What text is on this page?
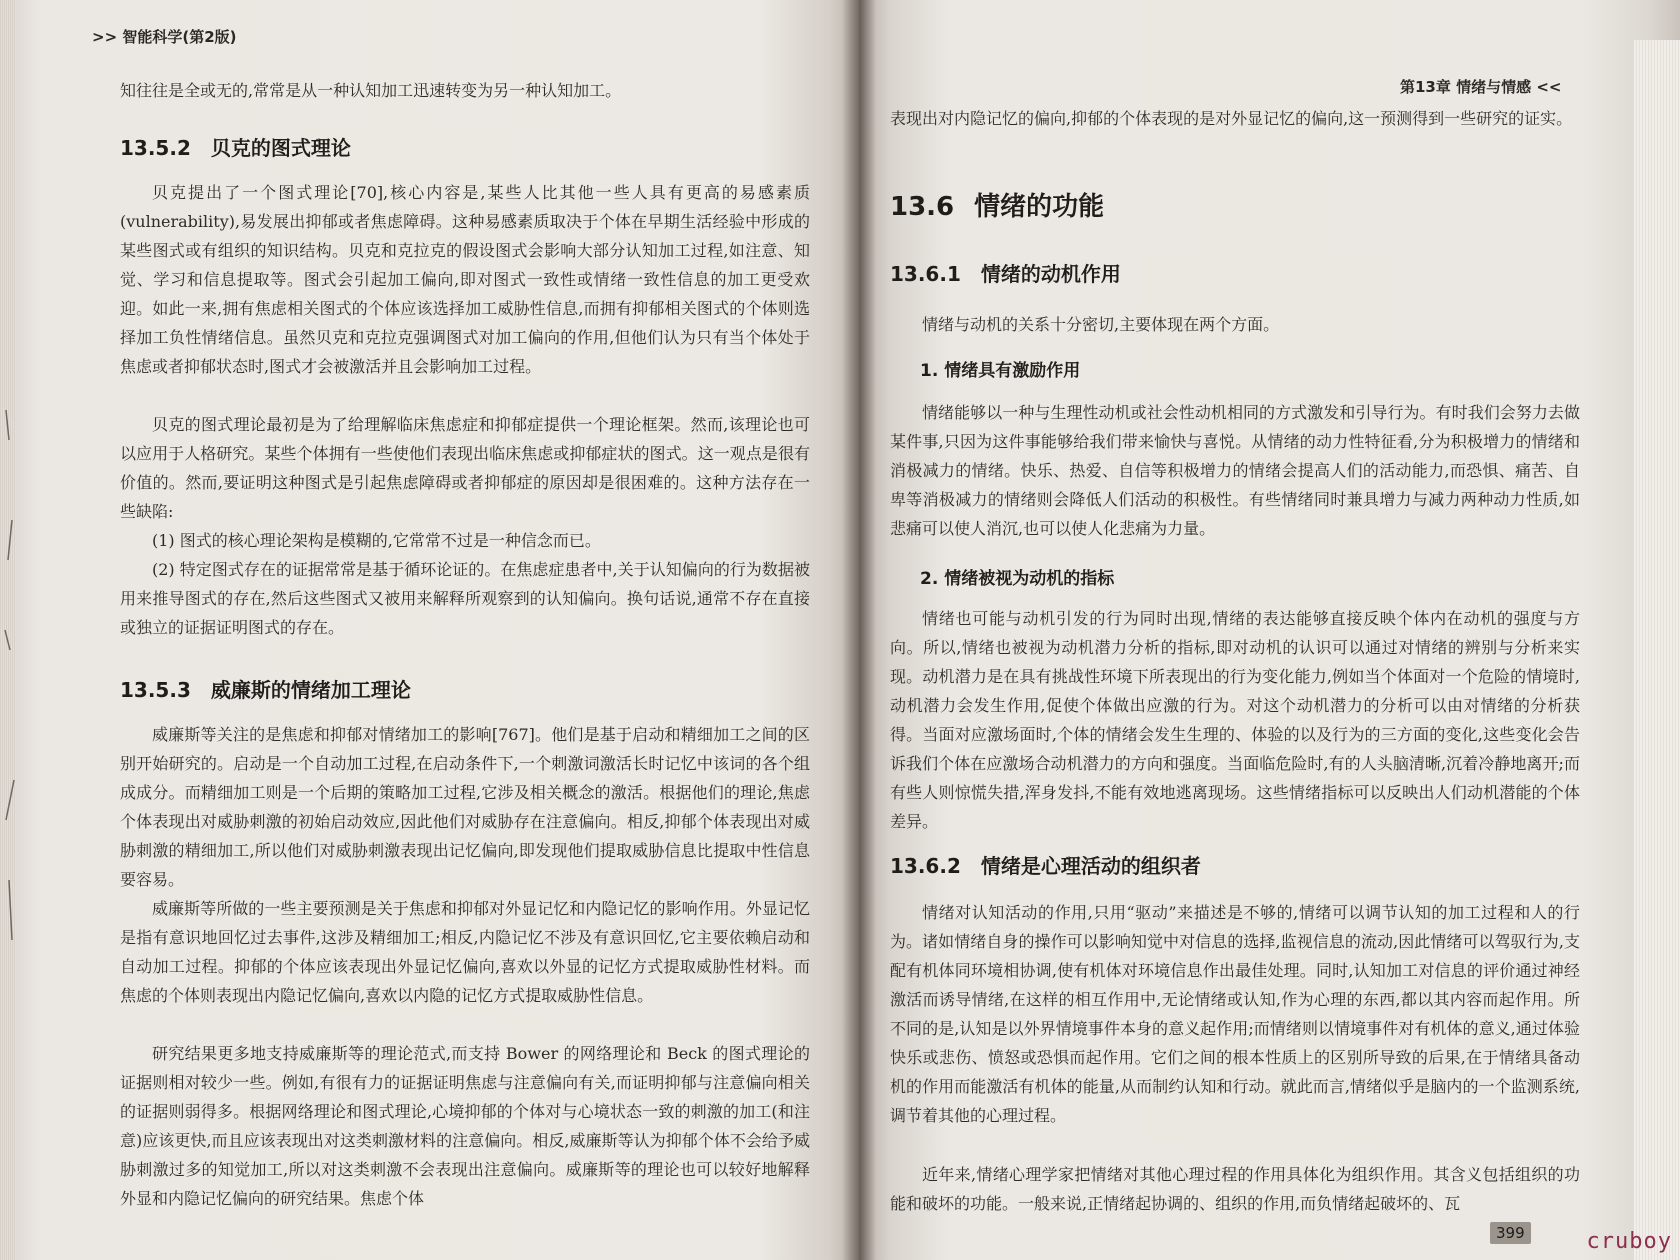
>> 智能科学(第2版)

知往往是全或无的,常常是从一种认知加工迅速转变为另一种认知加工。

13.5.2 贝克的图式理论

贝克提出了一个图式理论[70],核心内容是,某些人比其他一些人具有更高的易感素质(vulnerability),易发展出抑郁或者焦虑障碍。这种易感素质取决于个体在早期生活经验中形成的某些图式或有组织的知识结构。贝克和克拉克的假设图式会影响大部分认知加工过程,如注意、知觉、学习和信息提取等。图式会引起加工偏向,即对图式一致性或情绪一致性信息的加工更受欢迎。如此一来,拥有焦虑相关图式的个体应该选择加工威胁性信息,而拥有抑郁相关图式的个体则选择加工负性情绪信息。虽然贝克和克拉克强调图式对加工偏向的作用,但他们认为只有当个体处于焦虑或者抑郁状态时,图式才会被激活并且会影响加工过程。

贝克的图式理论最初是为了给理解临床焦虑症和抑郁症提供一个理论框架。然而,该理论也可以应用于人格研究。某些个体拥有一些使他们表现出临床焦虑或抑郁症状的图式。这一观点是很有价值的。然而,要证明这种图式是引起焦虑障碍或者抑郁症的原因却是很困难的。这种方法存在一些缺陷:

(1) 图式的核心理论架构是模糊的,它常常不过是一种信念而已。

(2) 特定图式存在的证据常常是基于循环论证的。在焦虑症患者中,关于认知偏向的行为数据被用来推导图式的存在,然后这些图式又被用来解释所观察到的认知偏向。换句话说,通常不存在直接或独立的证据证明图式的存在。

13.5.3 威廉斯的情绪加工理论

威廉斯等关注的是焦虑和抑郁对情绪加工的影响[767]。他们是基于启动和精细加工之间的区别开始研究的。启动是一个自动加工过程,在启动条件下,一个刺激词激活长时记忆中该词的各个组成成分。而精细加工则是一个后期的策略加工过程,它涉及相关概念的激活。根据他们的理论,焦虑个体表现出对威胁刺激的初始启动效应,因此他们对威胁存在注意偏向。相反,抑郁个体表现出对威胁刺激的精细加工,所以他们对威胁刺激表现出记忆偏向,即发现他们提取威胁信息比提取中性信息要容易。

威廉斯等所做的一些主要预测是关于焦虑和抑郁对外显记忆和内隐记忆的影响作用。外显记忆是指有意识地回忆过去事件,这涉及精细加工;相反,内隐记忆不涉及有意识回忆,它主要依赖启动和自动加工过程。抑郁的个体应该表现出外显记忆偏向,喜欢以外显的记忆方式提取威胁性材料。而焦虑的个体则表现出内隐记忆偏向,喜欢以内隐的记忆方式提取威胁性信息。

研究结果更多地支持威廉斯等的理论范式,而支持 Bower 的网络理论和 Beck 的图式理论的证据则相对较少一些。例如,有很有力的证据证明焦虑与注意偏向有关,而证明抑郁与注意偏向相关的证据则弱得多。根据网络理论和图式理论,心境抑郁的个体对与心境状态一致的刺激的加工(和注意)应该更快,而且应该表现出对这类刺激材料的注意偏向。相反,威廉斯等认为抑郁个体不会给予威胁刺激过多的知觉加工,所以对这类刺激不会表现出注意偏向。威廉斯等的理论也可以较好地解释外显和内隐记忆偏向的研究结果。焦虑个体

第13章 情绪与情感 <<

表现出对内隐记忆的偏向,抑郁的个体表现的是对外显记忆的偏向,这一预测得到一些研究的证实。

13.6 情绪的功能
13.6.1 情绪的动机作用

情绪与动机的关系十分密切,主要体现在两个方面。

1. 情绪具有激励作用

情绪能够以一种与生理性动机或社会性动机相同的方式激发和引导行为。有时我们会努力去做某件事,只因为这件事能够给我们带来愉快与喜悦。从情绪的动力性特征看,分为积极增力的情绪和消极减力的情绪。快乐、热爱、自信等积极增力的情绪会提高人们的活动能力,而恐惧、痛苦、自卑等消极减力的情绪则会降低人们活动的积极性。有些情绪同时兼具增力与减力两种动力性质,如悲痛可以使人消沉,也可以使人化悲痛为力量。

2. 情绪被视为动机的指标

情绪也可能与动机引发的行为同时出现,情绪的表达能够直接反映个体内在动机的强度与方向。所以,情绪也被视为动机潜力分析的指标,即对动机的认识可以通过对情绪的辨别与分析来实现。动机潜力是在具有挑战性环境下所表现出的行为变化能力,例如当个体面对一个危险的情境时,动机潜力会发生作用,促使个体做出应激的行为。对这个动机潜力的分析可以由对情绪的分析获得。当面对应激场面时,个体的情绪会发生生理的、体验的以及行为的三方面的变化,这些变化会告诉我们个体在应激场合动机潜力的方向和强度。当面临危险时,有的人头脑清晰,沉着冷静地离开;而有些人则惊慌失措,浑身发抖,不能有效地逃离现场。这些情绪指标可以反映出人们动机潜能的个体差异。

13.6.2 情绪是心理活动的组织者

情绪对认知活动的作用,只用“驱动”来描述是不够的,情绪可以调节认知的加工过程和人的行为。诸如情绪自身的操作可以影响知觉中对信息的选择,监视信息的流动,因此情绪可以驾驭行为,支配有机体同环境相协调,使有机体对环境信息作出最佳处理。同时,认知加工对信息的评价通过神经激活而诱导情绪,在这样的相互作用中,无论情绪或认知,作为心理的东西,都以其内容而起作用。所不同的是,认知是以外界情境事件本身的意义起作用;而情绪则以情境事件对有机体的意义,通过体验快乐或悲伤、愤怒或恐惧而起作用。它们之间的根本性质上的区别所导致的后果,在于情绪具备动机的作用而能激活有机体的能量,从而制约认知和行动。就此而言,情绪似乎是脑内的一个监测系统,调节着其他的心理过程。

近年来,情绪心理学家把情绪对其他心理过程的作用具体化为组织作用。其含义包括组织的功能和破坏的功能。一般来说,正情绪起协调的、组织的作用,而负情绪起破坏的、瓦

399	cruboy
